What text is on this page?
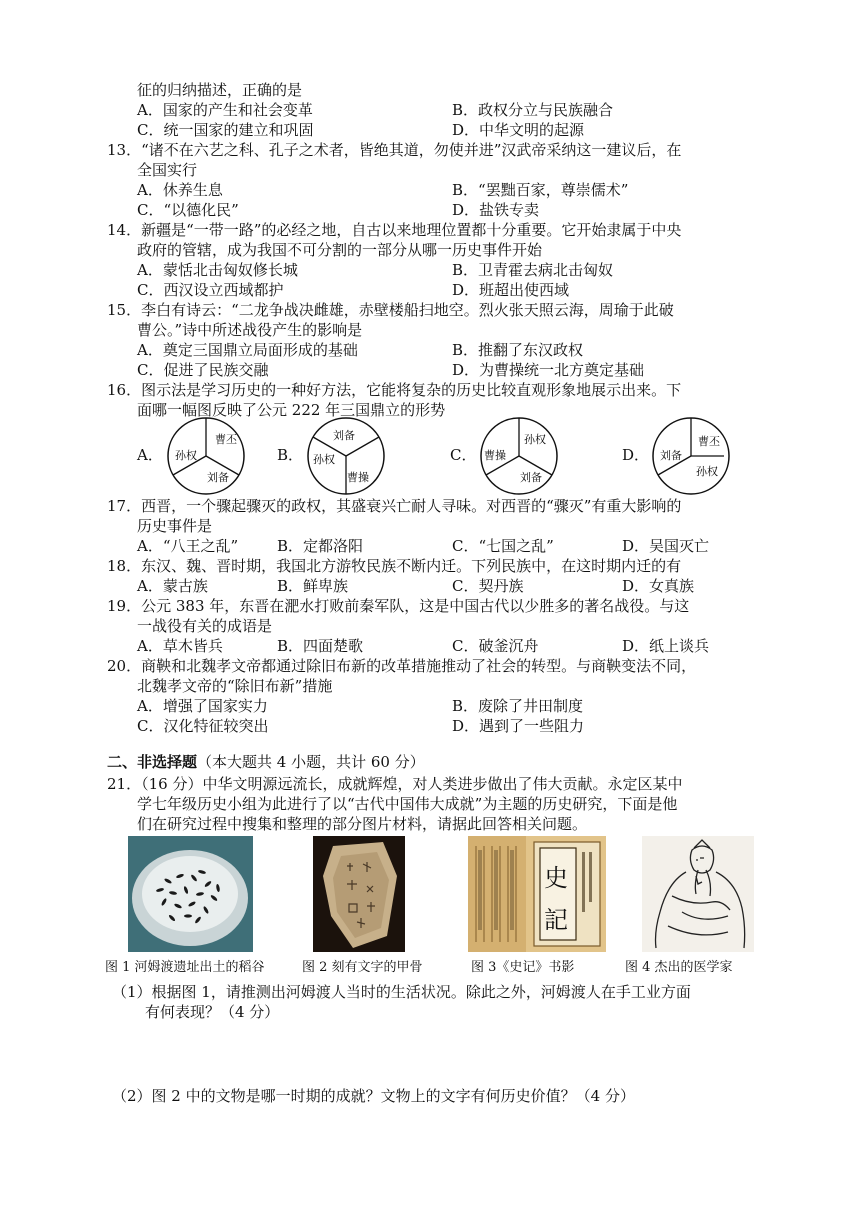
征的归纳描述，正确的是
A．国家的产生和社会变革	B．政权分立与民族融合
C．统一国家的建立和巩固	D．中华文明的起源
13．“诸不在六艺之科、孔子之术者，皆绝其道，勿使并进”汉武帝采纳这一建议后，在
全国实行
A．休养生息	B．“罢黜百家，尊崇儒术”
C．“以德化民”	D．盐铁专卖
14．新疆是“一带一路”的必经之地，自古以来地理位置都十分重要。它开始隶属于中央
政府的管辖，成为我国不可分割的一部分从哪一历史事件开始
A．蒙恬北击匈奴修长城	B．卫青霍去病北击匈奴
C．西汉设立西域都护	D．班超出使西域
15．李白有诗云：“二龙争战决雌雄，赤壁楼船扫地空。烈火张天照云海，周瑜于此破
曹公。”诗中所述战役产生的影响是
A．奠定三国鼎立局面形成的基础	B．推翻了东汉政权
C．促进了民族交融	D．为曹操统一北方奠定基础
16．图示法是学习历史的一种好方法，它能将复杂的历史比较直观形象地展示出来。下
面哪一幅图反映了公元 222 年三国鼎立的形势
A．
曹丕
孙权
刘备
B．
刘备
孙权
曹操
C．
孙权
曹操
刘备
D．
曹丕
刘备
孙权
17．西晋，一个骤起骤灭的政权，其盛衰兴亡耐人寻味。对西晋的“骤灭”有重大影响的
历史事件是
A．“八王之乱”	B．定都洛阳	C．“七国之乱”	D．吴国灭亡
18．东汉、魏、晋时期，我国北方游牧民族不断内迁。下列民族中，在这时期内迁的有
A．蒙古族	B．鲜卑族	C．契丹族	D．女真族
19．公元 383 年，东晋在淝水打败前秦军队，这是中国古代以少胜多的著名战役。与这
一战役有关的成语是
A．草木皆兵	B．四面楚歌	C．破釜沉舟	D．纸上谈兵
20．商鞅和北魏孝文帝都通过除旧布新的改革措施推动了社会的转型。与商鞅变法不同，
北魏孝文帝的“除旧布新”措施
A．增强了国家实力	B．废除了井田制度
C．汉化特征较突出	D．遇到了一些阻力
二、非选择题（本大题共 4 小题，共计 60 分）
21．（16 分）中华文明源远流长，成就辉煌，对人类进步做出了伟大贡献。永定区某中
学七年级历史小组为此进行了以“古代中国伟大成就”为主题的历史研究，下面是他
们在研究过程中搜集和整理的部分图片材料，请据此回答相关问题。
史
記
图 1 河姆渡遗址出土的稻谷	图 2 刻有文字的甲骨	图 3《史记》书影	图 4 杰出的医学家
（1）根据图 1，请推测出河姆渡人当时的生活状况。除此之外，河姆渡人在手工业方面
有何表现？（4 分）
（2）图 2 中的文物是哪一时期的成就？文物上的文字有何历史价值？（4 分）
